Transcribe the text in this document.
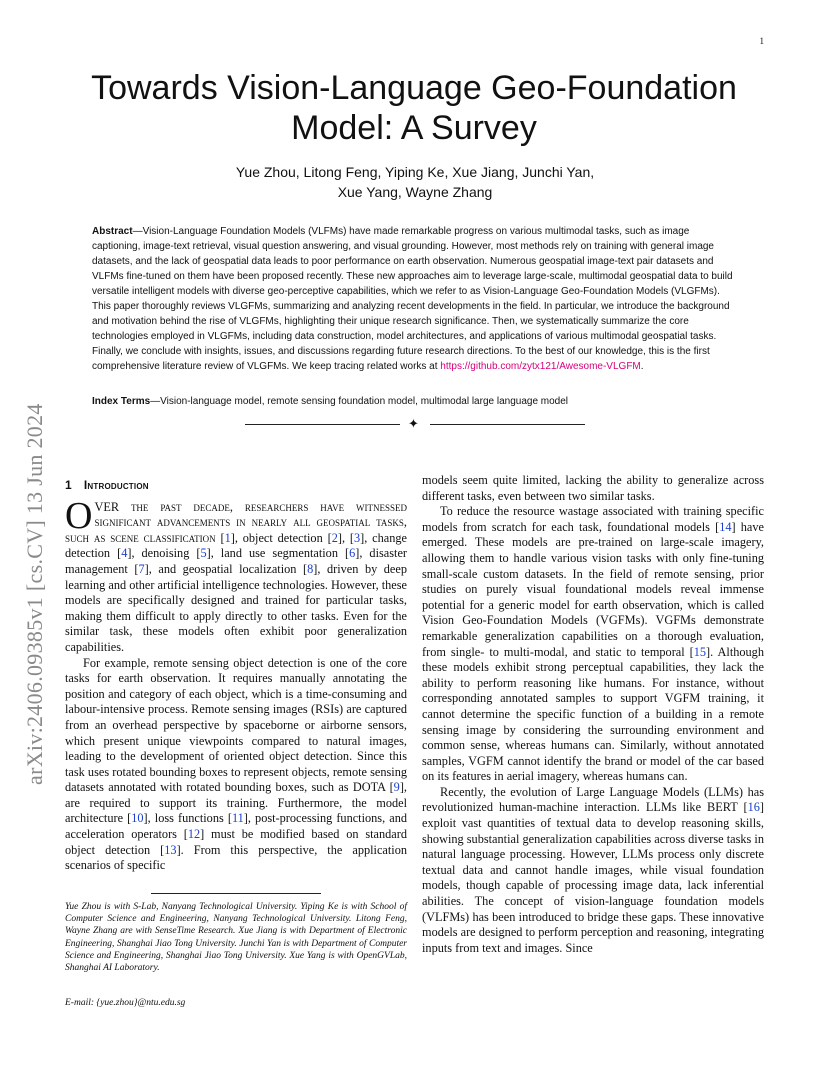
1
arXiv:2406.09385v1 [cs.CV] 13 Jun 2024
Towards Vision-Language Geo-Foundation Model: A Survey
Yue Zhou, Litong Feng, Yiping Ke, Xue Jiang, Junchi Yan,
Xue Yang, Wayne Zhang

Abstract—Vision-Language Foundation Models (VLFMs) have made remarkable progress on various multimodal tasks, such as image captioning, image-text retrieval, visual question answering, and visual grounding. However, most methods rely on training with general image datasets, and the lack of geospatial data leads to poor performance on earth observation. Numerous geospatial image-text pair datasets and VLFMs fine-tuned on them have been proposed recently. These new approaches aim to leverage large-scale, multimodal geospatial data to build versatile intelligent models with diverse geo-perceptive capabilities, which we refer to as Vision-Language Geo-Foundation Models (VLGFMs). This paper thoroughly reviews VLGFMs, summarizing and analyzing recent developments in the field. In particular, we introduce the background and motivation behind the rise of VLGFMs, highlighting their unique research significance. Then, we systematically summarize the core technologies employed in VLGFMs, including data construction, model architectures, and applications of various multimodal geospatial tasks. Finally, we conclude with insights, issues, and discussions regarding future research directions. To the best of our knowledge, this is the first comprehensive literature review of VLGFMs. We keep tracing related works at https://github.com/zytx121/Awesome-VLGFM.

Index Terms—Vision-language model, remote sensing foundation model, multimodal large language model

✦
1 Introduction

OVER the past decade, researchers have witnessed significant advancements in nearly all geospatial tasks, such as scene classification [1], object detection [2], [3], change detection [4], denoising [5], land use segmentation [6], disaster management [7], and geospatial localization [8], driven by deep learning and other artificial intelligence technologies. However, these models are specifically designed and trained for particular tasks, making them difficult to apply directly to other tasks. Even for the similar task, these models often exhibit poor generalization capabilities.

For example, remote sensing object detection is one of the core tasks for earth observation. It requires manually annotating the position and category of each object, which is a time-consuming and labour-intensive process. Remote sensing images (RSIs) are captured from an overhead perspective by spaceborne or airborne sensors, which present unique viewpoints compared to natural images, leading to the development of oriented object detection. Since this task uses rotated bounding boxes to represent objects, remote sensing datasets annotated with rotated bounding boxes, such as DOTA [9], are required to support its training. Furthermore, the model architecture [10], loss functions [11], post-processing functions, and acceleration operators [12] must be modified based on standard object detection [13]. From this perspective, the application scenarios of specific

models seem quite limited, lacking the ability to generalize across different tasks, even between two similar tasks.

To reduce the resource wastage associated with training specific models from scratch for each task, foundational models [14] have emerged. These models are pre-trained on large-scale imagery, allowing them to handle various vision tasks with only fine-tuning small-scale custom datasets. In the field of remote sensing, prior studies on purely visual foundational models reveal immense potential for a generic model for earth observation, which is called Vision Geo-Foundation Models (VGFMs). VGFMs demonstrate remarkable generalization capabilities on a thorough evaluation, from single- to multi-modal, and static to temporal [15]. Although these models exhibit strong perceptual capabilities, they lack the ability to perform reasoning like humans. For instance, without corresponding annotated samples to support VGFM training, it cannot determine the specific function of a building in a remote sensing image by considering the surrounding environment and common sense, whereas humans can. Similarly, without annotated samples, VGFM cannot identify the brand or model of the car based on its features in aerial imagery, whereas humans can.

Recently, the evolution of Large Language Models (LLMs) has revolutionized human-machine interaction. LLMs like BERT [16] exploit vast quantities of textual data to develop reasoning skills, showing substantial generalization capabilities across diverse tasks in natural language processing. However, LLMs process only discrete textual data and cannot handle images, while visual foundation models, though capable of processing image data, lack inferential abilities. The concept of vision-language foundation models (VLFMs) has been introduced to bridge these gaps. These innovative models are designed to perform perception and reasoning, integrating inputs from text and images. Since

Yue Zhou is with S-Lab, Nanyang Technological University. Yiping Ke is with School of Computer Science and Engineering, Nanyang Technological University. Litong Feng, Wayne Zhang are with SenseTime Research. Xue Jiang is with Department of Electronic Engineering, Shanghai Jiao Tong University. Junchi Yan is with Department of Computer Science and Engineering, Shanghai Jiao Tong University. Xue Yang is with OpenGVLab, Shanghai AI Laboratory.

E-mail: {yue.zhou}@ntu.edu.sg
